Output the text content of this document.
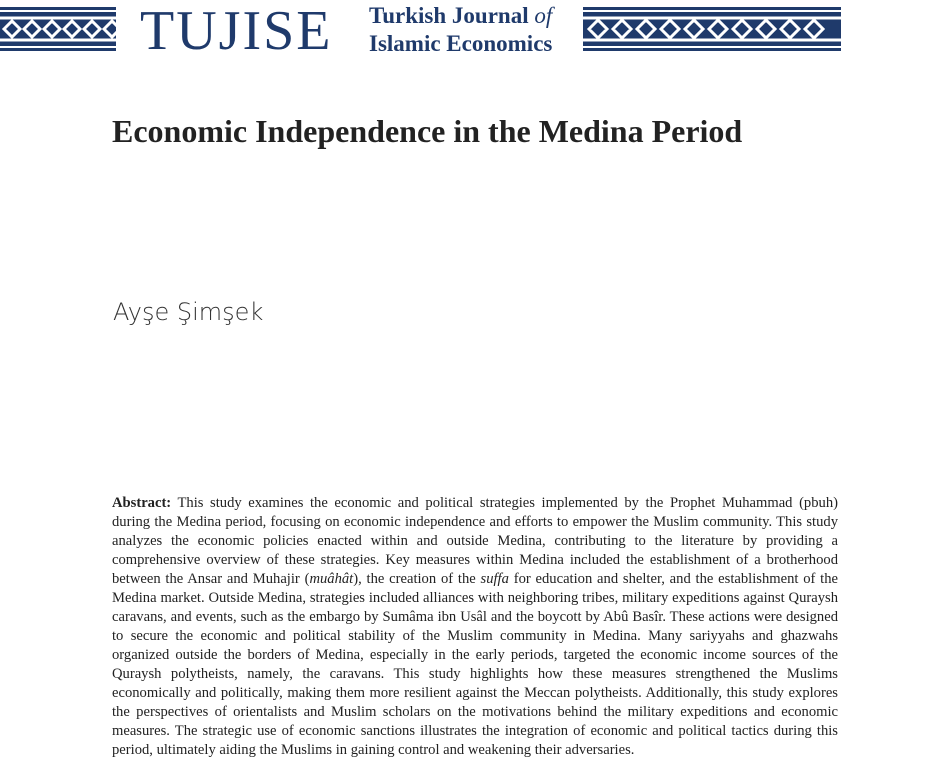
TUJISE Turkish Journal of
Islamic Economics
Economic Independence in the Medina Period
Ayşe Şimşek

Abstract: This study examines the economic and political strategies implemented by the Prophet Muhammad (pbuh) during the Medina period, focusing on economic independence and efforts to empower the Muslim community. This study analyzes the economic policies enacted within and outside Medina, contributing to the literature by providing a comprehensive overview of these strategies. Key measures within Medina included the establishment of a brotherhood between the Ansar and Muhajir (muâhât), the creation of the suffa for education and shelter, and the establishment of the Medina market. Outside Medina, strategies included alliances with neighboring tribes, military expeditions against Quraysh caravans, and events, such as the embargo by Sumâma ibn Usâl and the boycott by Abû Basîr. These actions were designed to secure the economic and political stability of the Muslim community in Medina. Many sariyyahs and ghazwahs organized outside the borders of Medina, especially in the early periods, targeted the economic income sources of the Quraysh polytheists, namely, the caravans. This study highlights how these measures strengthened the Muslims economically and politically, making them more resilient against the Meccan polytheists. Additionally, this study explores the perspectives of orientalists and Muslim scholars on the motivations behind the military expeditions and economic measures. The strategic use of economic sanctions illustrates the integration of economic and political tactics during this period, ultimately aiding the Muslims in gaining control and weakening their adversaries.
